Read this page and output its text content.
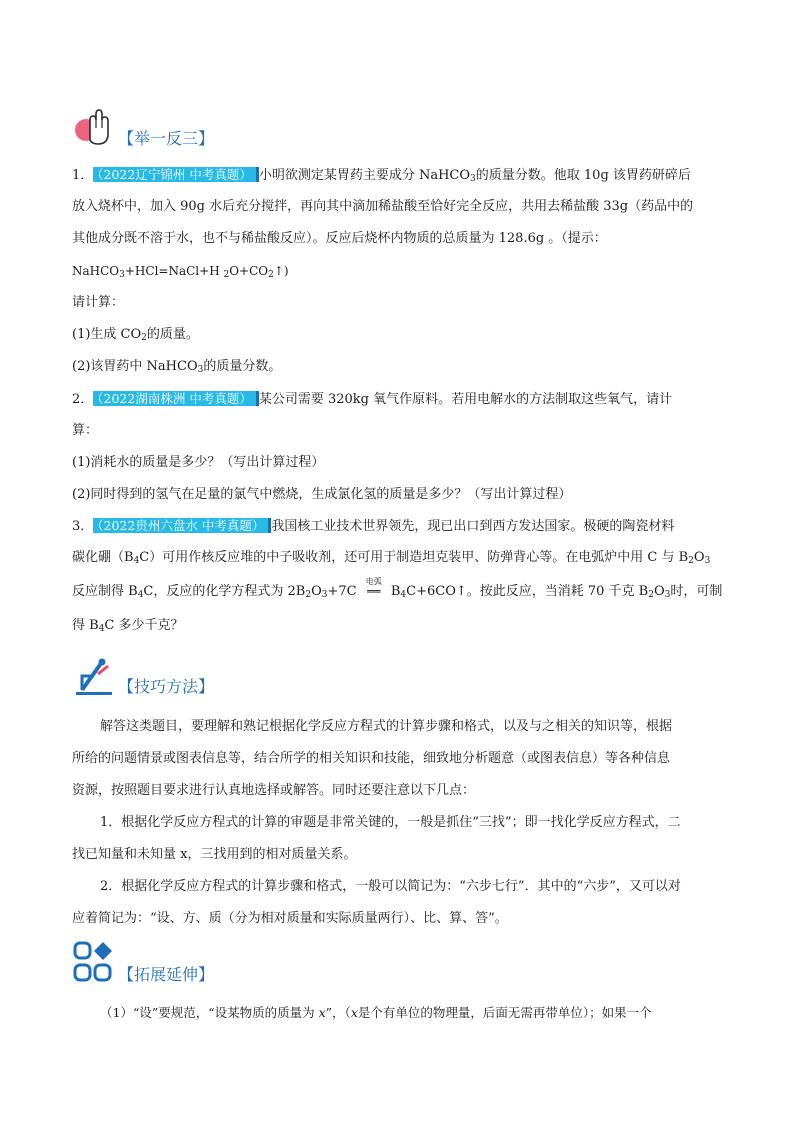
【举一反三】
1． （2022辽宁锦州 中考真题） 小明欲测定某胃药主要成分 NaHCO$_3$的质量分数。他取 10g 该胃药研碎后
放入烧杯中，加入 90g 水后充分搅拌，再向其中滴加稀盐酸至恰好完全反应，共用去稀盐酸 33g（药品中的
其他成分既不溶于水，也不与稀盐酸反应）。反应后烧杯内物质的总质量为 128.6g 。（提示：
NaHCO$_3$+HCl=NaCl+H $_2O+CO_2↑$)
请计算：
(1)生成 $CO_2$的质量。
(2)该胃药中 NaHCO$_3$的质量分数。
2． （2022湖南株洲 中考真题） 某公司需要 320kg 氧气作原料。若用电解水的方法制取这些氧气，请计
算：
(1)消耗水的质量是多少？（写出计算过程）
(2)同时得到的氢气在足量的氯气中燃烧，生成氯化氢的质量是多少？（写出计算过程）
3． （2022贵州六盘水 中考真题） 我国核工业技术世界领先，现已出口到西方发达国家。极硬的陶瓷材料
碳化硼$(B_4C)$可用作核反应堆的中子吸收剂，还可用于制造坦克装甲、防弹背心等。在电弧炉中用 C 与 $B_2O_3$
反应制得 $B_4C$，反应的化学方程式为 $2B_2O_3+7C$
电弧
══ $B_4C+6CO↑$。按此反应，当消耗 70 千克 $B_2O_3$时，可制
得 $B_4C$ 多少千克？
【技巧方法】
解答这类题目，要理解和熟记根据化学反应方程式的计算步骤和格式，以及与之相关的知识等，根据
所给的问题情景或图表信息等，结合所学的相关知识和技能，细致地分析题意（或图表信息）等各种信息
资源，按照题目要求进行认真地选择或解答。同时还要注意以下几点：
1．根据化学反应方程式的计算的审题是非常关键的，一般是抓住“三找”；即一找化学反应方程式，二
找已知量和未知量 x，三找用到的相对质量关系。
2．根据化学反应方程式的计算步骤和格式，一般可以简记为：“六步七行”．其中的“六步”，又可以对
应着简记为：“设、方、质（分为相对质量和实际质量两行）、比、算、答”。
【拓展延伸】
（1）“设”要规范，“设某物质的质量为 x”，（x是个有单位的物理量，后面无需再带单位）；如果一个
